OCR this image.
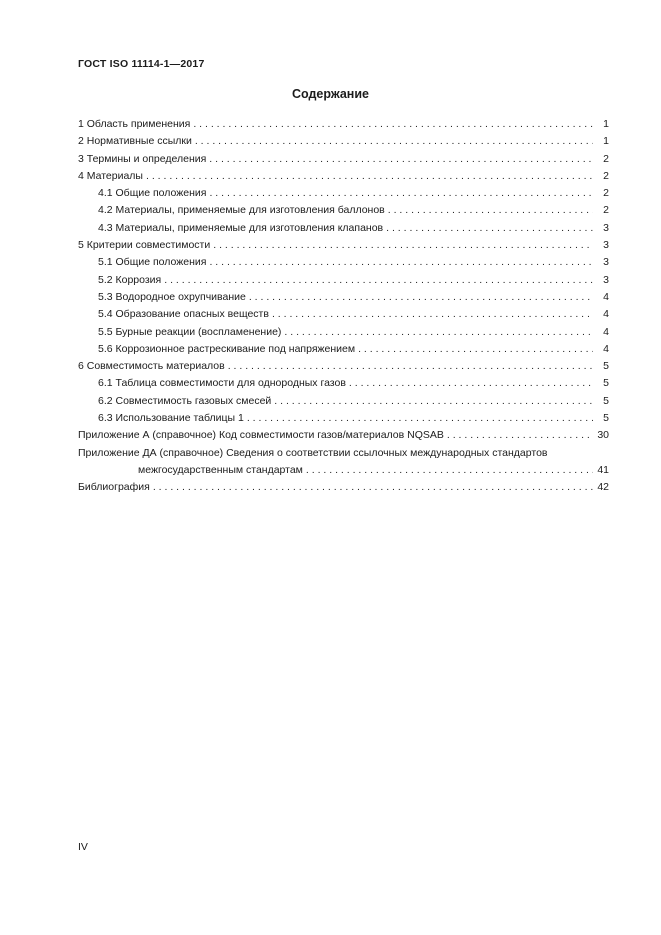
ГОСТ ISO 11114-1—2017
Содержание
1 Область применения . . .	1
2 Нормативные ссылки . . .	1
3 Термины и определения . . .	2
4 Материалы . . .	2
4.1 Общие положения . . .	2
4.2 Материалы, применяемые для изготовления баллонов . . .	2
4.3 Материалы, применяемые для изготовления клапанов . . .	3
5 Критерии совместимости . . .	3
5.1 Общие положения . . .	3
5.2 Коррозия . . .	3
5.3 Водородное охрупчивание . . .	4
5.4 Образование опасных веществ . . .	4
5.5 Бурные реакции (воспламенение) . . .	4
5.6 Коррозионное растрескивание под напряжением . . .	4
6 Совместимость материалов . . .	5
6.1 Таблица совместимости для однородных газов . . .	5
6.2 Совместимость газовых смесей . . .	5
6.3 Использование таблицы 1 . . .	5
Приложение А (справочное) Код совместимости газов/материалов NQSAB . . .	30
Приложение ДА (справочное) Сведения о соответствии ссылочных международных стандартов
межгосударственным стандартам . . .	41
Библиография . . .	42
IV
